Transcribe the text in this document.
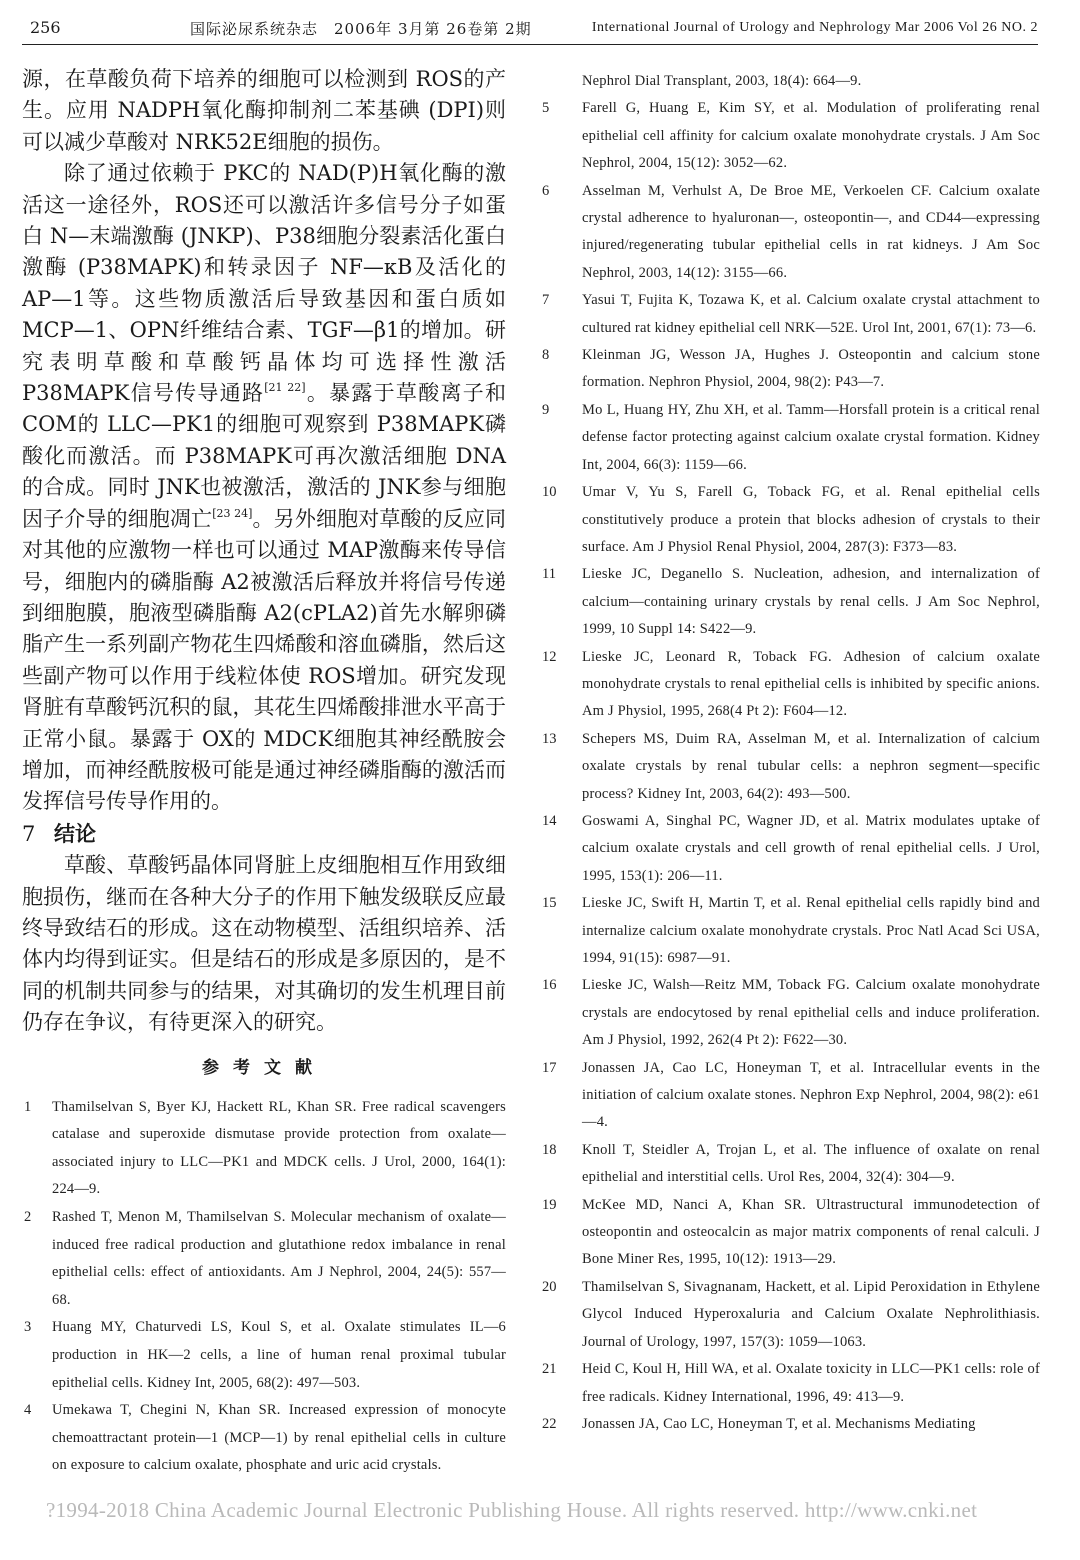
256	国际泌尿系统杂志　2006年 3月第 26卷第 2期	International Journal of Urology and Nephrology Mar 2006 Vol 26 NO. 2

源，在草酸负荷下培养的细胞可以检测到 ROS的产生。应用 NADPH氧化酶抑制剂二苯基碘 (DPI)则可以减少草酸对 NRK52E细胞的损伤。

除了通过依赖于 PKC的 NAD(P)H氧化酶的激活这一途径外，ROS还可以激活许多信号分子如蛋白 N—末端激酶 (JNKP)、P38细胞分裂素活化蛋白激酶 (P38MAPK)和转录因子 NF—κB及活化的 AP—1等。这些物质激活后导致基因和蛋白质如 MCP—1、OPN纤维结合素、TGF—β1的增加。研究表明草酸和草酸钙晶体均可选择性激活 P38MAPK信号传导通路[21 22]。暴露于草酸离子和 COM的 LLC—PK1的细胞可观察到 P38MAPK磷酸化而激活。而 P38MAPK可再次激活细胞 DNA的合成。同时 JNK也被激活，激活的 JNK参与细胞因子介导的细胞凋亡[23 24]。另外细胞对草酸的反应同对其他的应激物一样也可以通过 MAP激酶来传导信号，细胞内的磷脂酶 A2被激活后释放并将信号传递到细胞膜，胞液型磷脂酶 A2(cPLA2)首先水解卵磷脂产生一系列副产物花生四烯酸和溶血磷脂，然后这些副产物可以作用于线粒体使 ROS增加。研究发现肾脏有草酸钙沉积的鼠，其花生四烯酸排泄水平高于正常小鼠。暴露于 OX的 MDCK细胞其神经酰胺会增加，而神经酰胺极可能是通过神经磷脂酶的激活而发挥信号传导作用的。

7 结论

草酸、草酸钙晶体同肾脏上皮细胞相互作用致细胞损伤，继而在各种大分子的作用下触发级联反应最终导致结石的形成。这在动物模型、活组织培养、活体内均得到证实。但是结石的形成是多原因的，是不同的机制共同参与的结果，对其确切的发生机理目前仍存在争议，有待更深入的研究。

参考文献
1	Thamilselvan S, Byer KJ, Hackett RL, Khan SR. Free radical scavengers catalase and superoxide dismutase provide protection from oxalate—associated injury to LLC—PK1 and MDCK cells. J Urol, 2000, 164(1): 224—9.
2	Rashed T, Menon M, Thamilselvan S. Molecular mechanism of oxalate—induced free radical production and glutathione redox imbalance in renal epithelial cells: effect of antioxidants. Am J Nephrol, 2004, 24(5): 557—68.
3	Huang MY, Chaturvedi LS, Koul S, et al. Oxalate stimulates IL—6 production in HK—2 cells, a line of human renal proximal tubular epithelial cells. Kidney Int, 2005, 68(2): 497—503.
4	Umekawa T, Chegini N, Khan SR. Increased expression of monocyte chemoattractant protein—1 (MCP—1) by renal epithelial cells in culture on exposure to calcium oxalate, phosphate and uric acid crystals.
Nephrol Dial Transplant, 2003, 18(4): 664—9.
5	Farell G, Huang E, Kim SY, et al. Modulation of proliferating renal epithelial cell affinity for calcium oxalate monohydrate crystals. J Am Soc Nephrol, 2004, 15(12): 3052—62.
6	Asselman M, Verhulst A, De Broe ME, Verkoelen CF. Calcium oxalate crystal adherence to hyaluronan—, osteopontin—, and CD44—expressing injured/regenerating tubular epithelial cells in rat kidneys. J Am Soc Nephrol, 2003, 14(12): 3155—66.
7	Yasui T, Fujita K, Tozawa K, et al. Calcium oxalate crystal attachment to cultured rat kidney epithelial cell NRK—52E. Urol Int, 2001, 67(1): 73—6.
8	Kleinman JG, Wesson JA, Hughes J. Osteopontin and calcium stone formation. Nephron Physiol, 2004, 98(2): P43—7.
9	Mo L, Huang HY, Zhu XH, et al. Tamm—Horsfall protein is a critical renal defense factor protecting against calcium oxalate crystal formation. Kidney Int, 2004, 66(3): 1159—66.
10	Umar V, Yu S, Farell G, Toback FG, et al. Renal epithelial cells constitutively produce a protein that blocks adhesion of crystals to their surface. Am J Physiol Renal Physiol, 2004, 287(3): F373—83.
11	Lieske JC, Deganello S. Nucleation, adhesion, and internalization of calcium—containing urinary crystals by renal cells. J Am Soc Nephrol, 1999, 10 Suppl 14: S422—9.
12	Lieske JC, Leonard R, Toback FG. Adhesion of calcium oxalate monohydrate crystals to renal epithelial cells is inhibited by specific anions. Am J Physiol, 1995, 268(4 Pt 2): F604—12.
13	Schepers MS, Duim RA, Asselman M, et al. Internalization of calcium oxalate crystals by renal tubular cells: a nephron segment—specific process? Kidney Int, 2003, 64(2): 493—500.
14	Goswami A, Singhal PC, Wagner JD, et al. Matrix modulates uptake of calcium oxalate crystals and cell growth of renal epithelial cells. J Urol, 1995, 153(1): 206—11.
15	Lieske JC, Swift H, Martin T, et al. Renal epithelial cells rapidly bind and internalize calcium oxalate monohydrate crystals. Proc Natl Acad Sci USA, 1994, 91(15): 6987—91.
16	Lieske JC, Walsh—Reitz MM, Toback FG. Calcium oxalate monohydrate crystals are endocytosed by renal epithelial cells and induce proliferation. Am J Physiol, 1992, 262(4 Pt 2): F622—30.
17	Jonassen JA, Cao LC, Honeyman T, et al. Intracellular events in the initiation of calcium oxalate stones. Nephron Exp Nephrol, 2004, 98(2): e61—4.
18	Knoll T, Steidler A, Trojan L, et al. The influence of oxalate on renal epithelial and interstitial cells. Urol Res, 2004, 32(4): 304—9.
19	McKee MD, Nanci A, Khan SR. Ultrastructural immunodetection of osteopontin and osteocalcin as major matrix components of renal calculi. J Bone Miner Res, 1995, 10(12): 1913—29.
20	Thamilselvan S, Sivagnanam, Hackett, et al. Lipid Peroxidation in Ethylene Glycol Induced Hyperoxaluria and Calcium Oxalate Nephrolithiasis. Journal of Urology, 1997, 157(3): 1059—1063.
21	Heid C, Koul H, Hill WA, et al. Oxalate toxicity in LLC—PK1 cells: role of free radicals. Kidney International, 1996, 49: 413—9.
22	Jonassen JA, Cao LC, Honeyman T, et al. Mechanisms Mediating
?1994-2018 China Academic Journal Electronic Publishing House. All rights reserved. http://www.cnki.net
